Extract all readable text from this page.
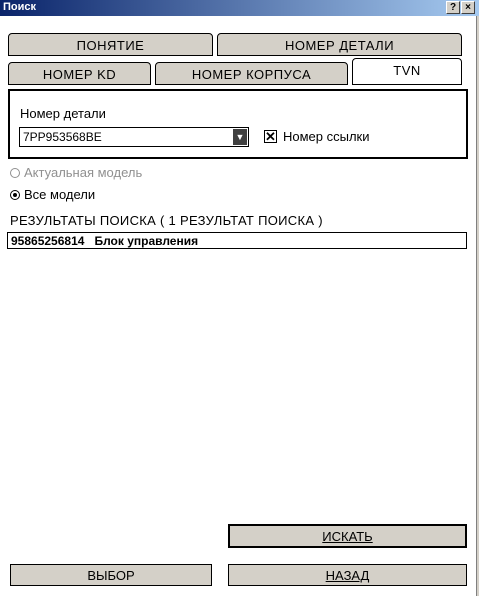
Поиск	? ×
ПОНЯТИЕ	НОМЕР ДЕТАЛИ
НОМЕР KD	НОМЕР КОРПУСА	TVN
Номер детали
7PP953568BE	▼ ✕ Номер ссылки
Актуальная модель
Все модели
РЕЗУЛЬТАТЫ ПОИСКА ( 1 РЕЗУЛЬТАТ ПОИСКА )
95865256814 Блок управления
ИСКАТЬ
ВЫБОР	НАЗАД
